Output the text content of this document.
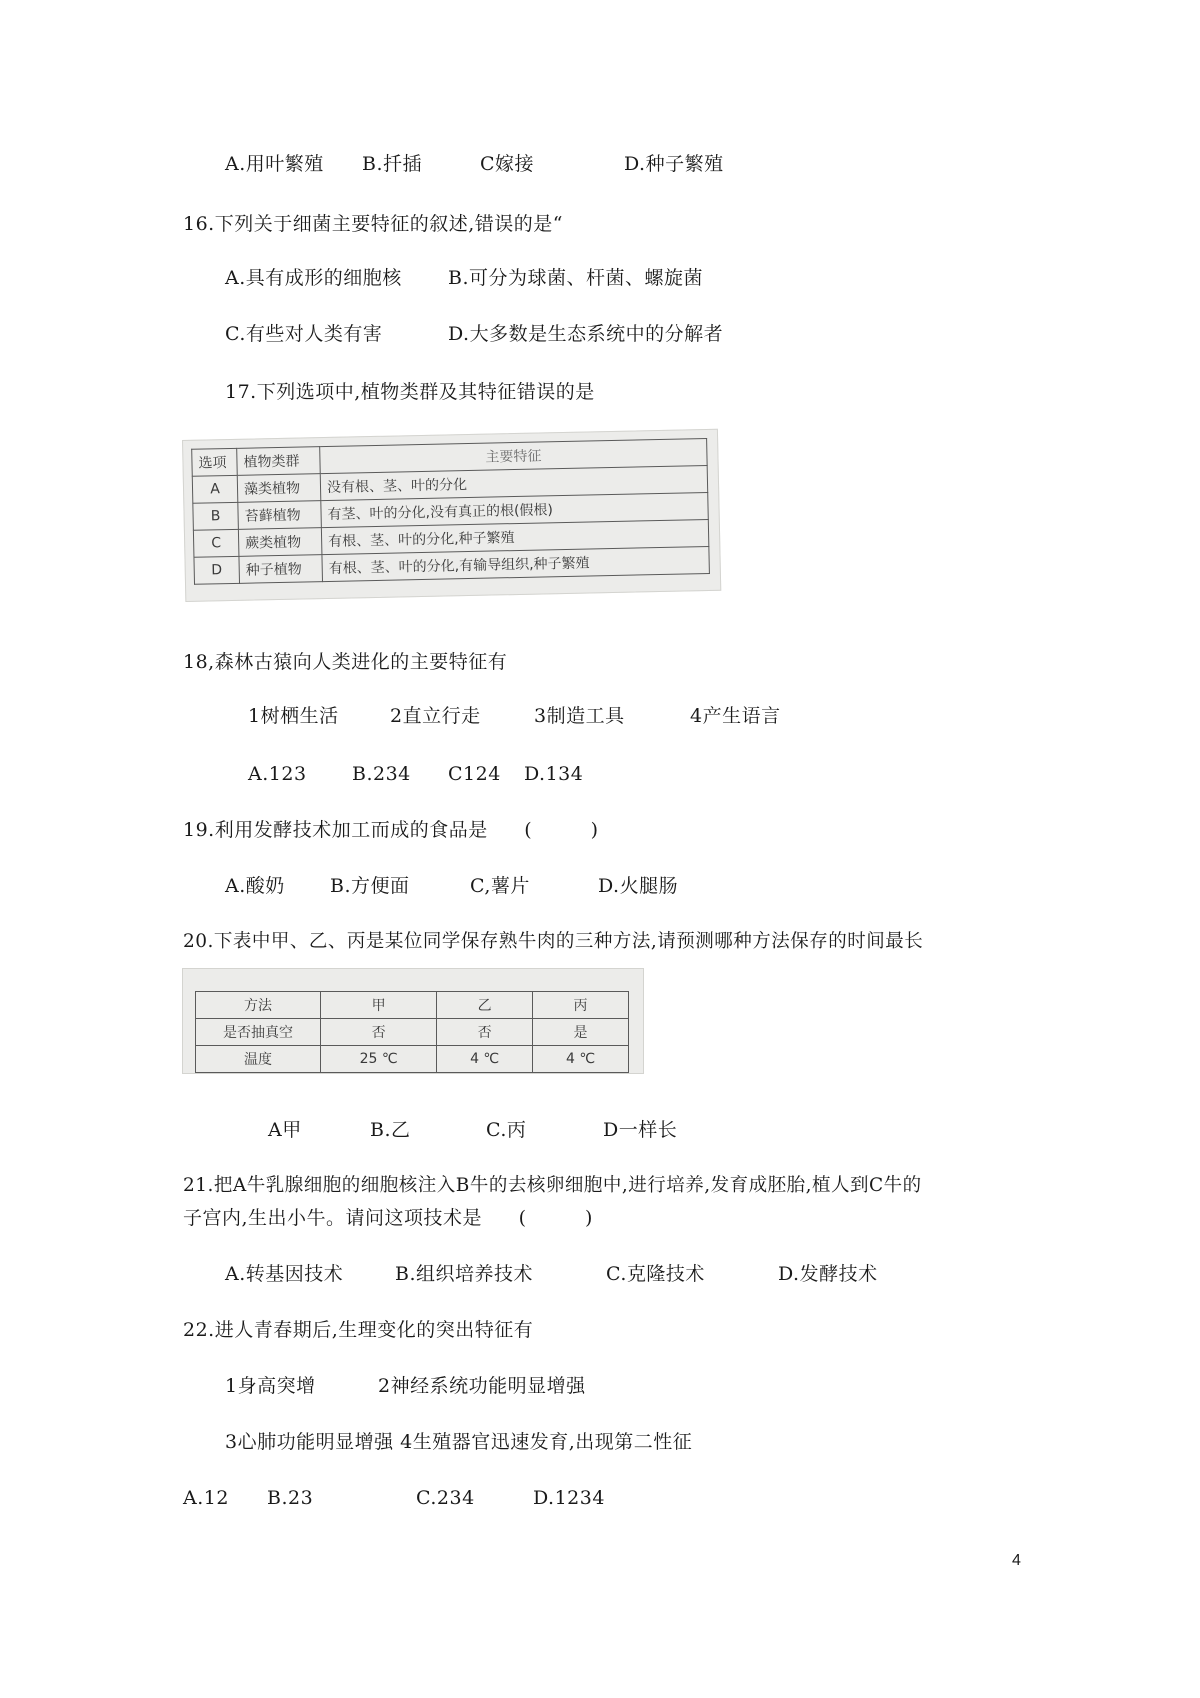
A.用叶繁殖 B.扦插	C嫁接	D.种子繁殖
16.下列关于细菌主要特征的叙述,错误的是“
A.具有成形的细胞核 B.可分为球菌、杆菌、螺旋菌
C.有些对人类有害	D.大多数是生态系统中的分解者
17.下列选项中,植物类群及其特征错误的是
选项	植物类群	主要特征
A	藻类植物	没有根、茎、叶的分化
B	苔藓植物	有茎、叶的分化,没有真正的根(假根)
C	蕨类植物	有根、茎、叶的分化,种子繁殖
D	种子植物	有根、茎、叶的分化,有输导组织,种子繁殖
18,森林古猿向人类进化的主要特征有
1树栖生活	2直立行走	3制造工具	4产生语言
A.123 B.234 C124 D.134
19.利用发酵技术加工而成的食品是 (　　　)
A.酸奶 B.方便面	C,薯片	D.火腿肠
20.下表中甲、乙、丙是某位同学保存熟牛肉的三种方法,请预测哪种方法保存的时间最长
方法	甲	乙	丙
是否抽真空	否	否	是
温度	25 ℃	4 ℃	4 ℃
A甲	B.乙	C.丙	D一样长
21.把A牛乳腺细胞的细胞核注入B牛的去核卵细胞中,进行培养,发育成胚胎,植人到C牛的
子宫内,生出小牛。请问这项技术是 (　　　)
A.转基因技术	B.组织培养技术	C.克隆技术	D.发酵技术
22.进人青春期后,生理变化的突出特征有
1身高突增	2神经系统功能明显增强
3心肺功能明显增强 4生殖器官迅速发育,出现第二性征
A.12 B.23	C.234	D.1234
4
